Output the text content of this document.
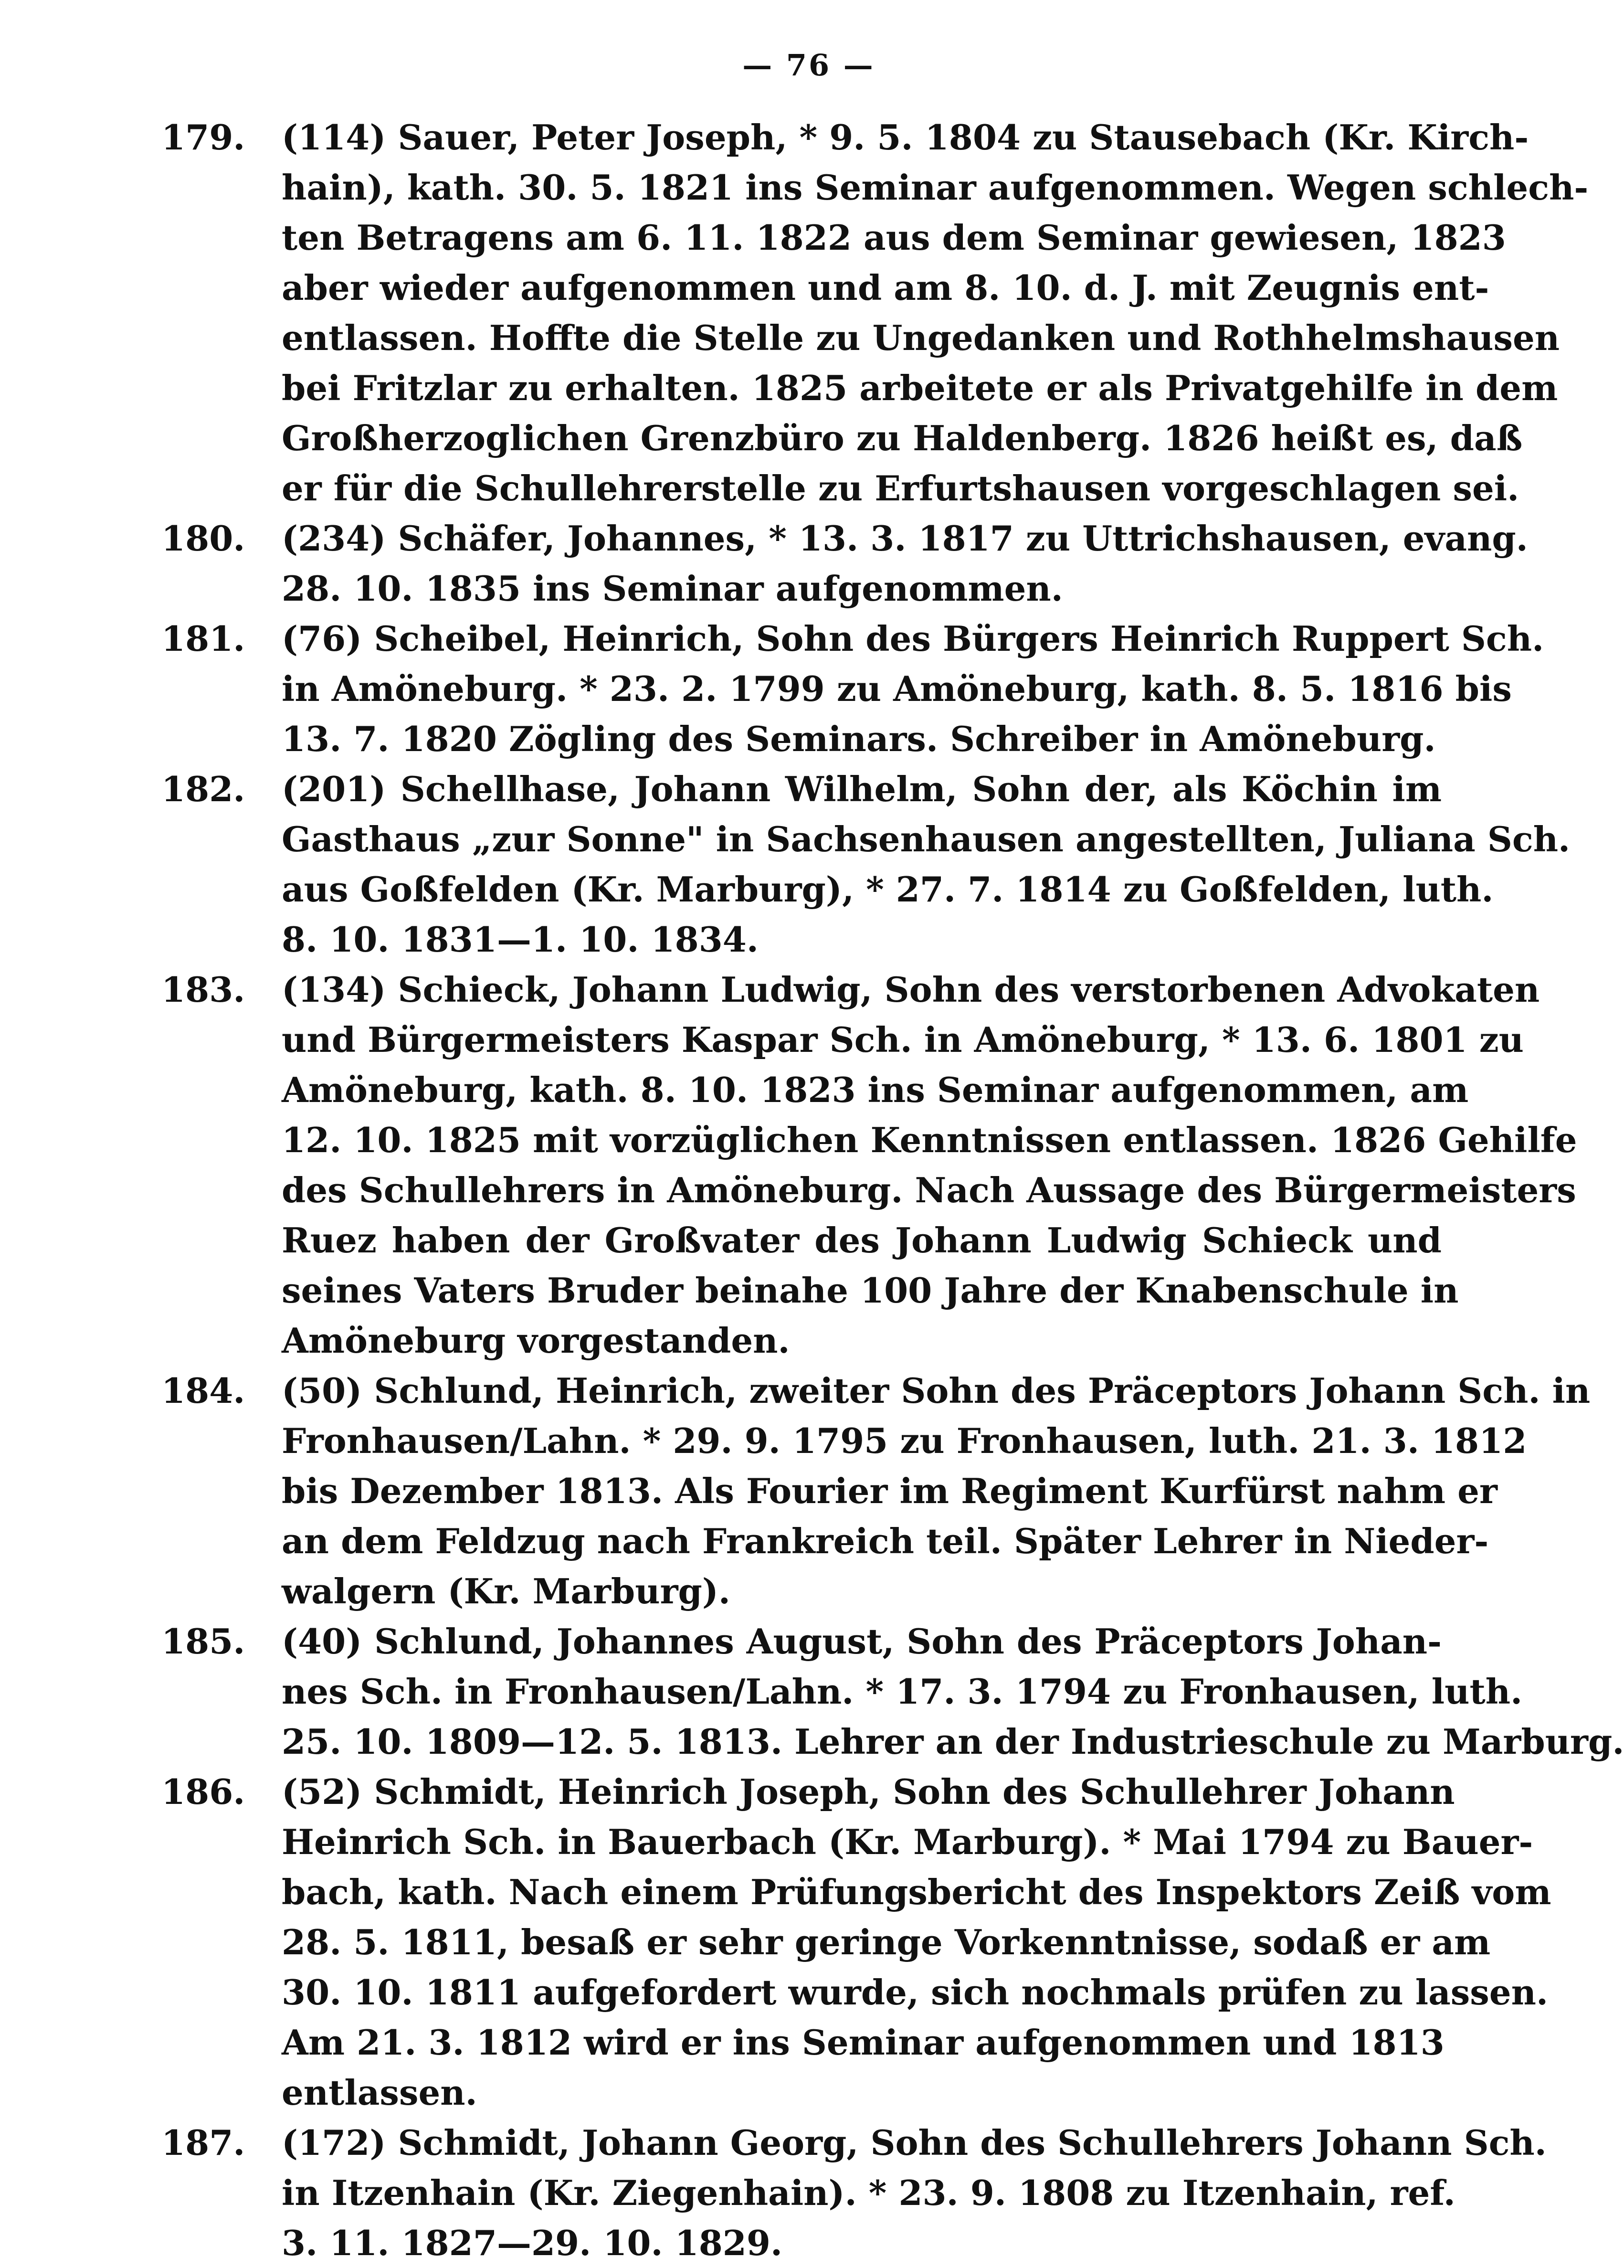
— 76 —
179.	(114) Sauer, Peter Joseph, * 9. 5. 1804 zu Stausebach (Kr. Kirch-
hain), kath. 30. 5. 1821 ins Seminar aufgenommen. Wegen schlech-
ten Betragens am 6. 11. 1822 aus dem Seminar gewiesen, 1823
aber wieder aufgenommen und am 8. 10. d. J. mit Zeugnis ent-
entlassen. Hoffte die Stelle zu Ungedanken und Rothhelmshausen
bei Fritzlar zu erhalten. 1825 arbeitete er als Privatgehilfe in dem
Großherzoglichen Grenzbüro zu Haldenberg. 1826 heißt es, daß
er für die Schullehrerstelle zu Erfurtshausen vorgeschlagen sei.
180.	(234) Schäfer, Johannes, * 13. 3. 1817 zu Uttrichshausen, evang.
28. 10. 1835 ins Seminar aufgenommen.
181.	(76) Scheibel, Heinrich, Sohn des Bürgers Heinrich Ruppert Sch.
in Amöneburg. * 23. 2. 1799 zu Amöneburg, kath. 8. 5. 1816 bis
13. 7. 1820 Zögling des Seminars. Schreiber in Amöneburg.
182.	(201) Schellhase, Johann Wilhelm, Sohn der, als Köchin im
Gasthaus „zur Sonne" in Sachsenhausen angestellten, Juliana Sch.
aus Goßfelden (Kr. Marburg), * 27. 7. 1814 zu Goßfelden, luth.
8. 10. 1831—1. 10. 1834.
183.	(134) Schieck, Johann Ludwig, Sohn des verstorbenen Advokaten
und Bürgermeisters Kaspar Sch. in Amöneburg, * 13. 6. 1801 zu
Amöneburg, kath. 8. 10. 1823 ins Seminar aufgenommen, am
12. 10. 1825 mit vorzüglichen Kenntnissen entlassen. 1826 Gehilfe
des Schullehrers in Amöneburg. Nach Aussage des Bürgermeisters
Ruez haben der Großvater des Johann Ludwig Schieck und
seines Vaters Bruder beinahe 100 Jahre der Knabenschule in
Amöneburg vorgestanden.
184.	(50) Schlund, Heinrich, zweiter Sohn des Präceptors Johann Sch. in
Fronhausen/Lahn. * 29. 9. 1795 zu Fronhausen, luth. 21. 3. 1812
bis Dezember 1813. Als Fourier im Regiment Kurfürst nahm er
an dem Feldzug nach Frankreich teil. Später Lehrer in Nieder-
walgern (Kr. Marburg).
185.	(40) Schlund, Johannes August, Sohn des Präceptors Johan-
nes Sch. in Fronhausen/Lahn. * 17. 3. 1794 zu Fronhausen, luth.
25. 10. 1809—12. 5. 1813. Lehrer an der Industrieschule zu Marburg.
186.	(52) Schmidt, Heinrich Joseph, Sohn des Schullehrer Johann
Heinrich Sch. in Bauerbach (Kr. Marburg). * Mai 1794 zu Bauer-
bach, kath. Nach einem Prüfungsbericht des Inspektors Zeiß vom
28. 5. 1811, besaß er sehr geringe Vorkenntnisse, sodaß er am
30. 10. 1811 aufgefordert wurde, sich nochmals prüfen zu lassen.
Am 21. 3. 1812 wird er ins Seminar aufgenommen und 1813
entlassen.
187.	(172) Schmidt, Johann Georg, Sohn des Schullehrers Johann Sch.
in Itzenhain (Kr. Ziegenhain). * 23. 9. 1808 zu Itzenhain, ref.
3. 11. 1827—29. 10. 1829.
